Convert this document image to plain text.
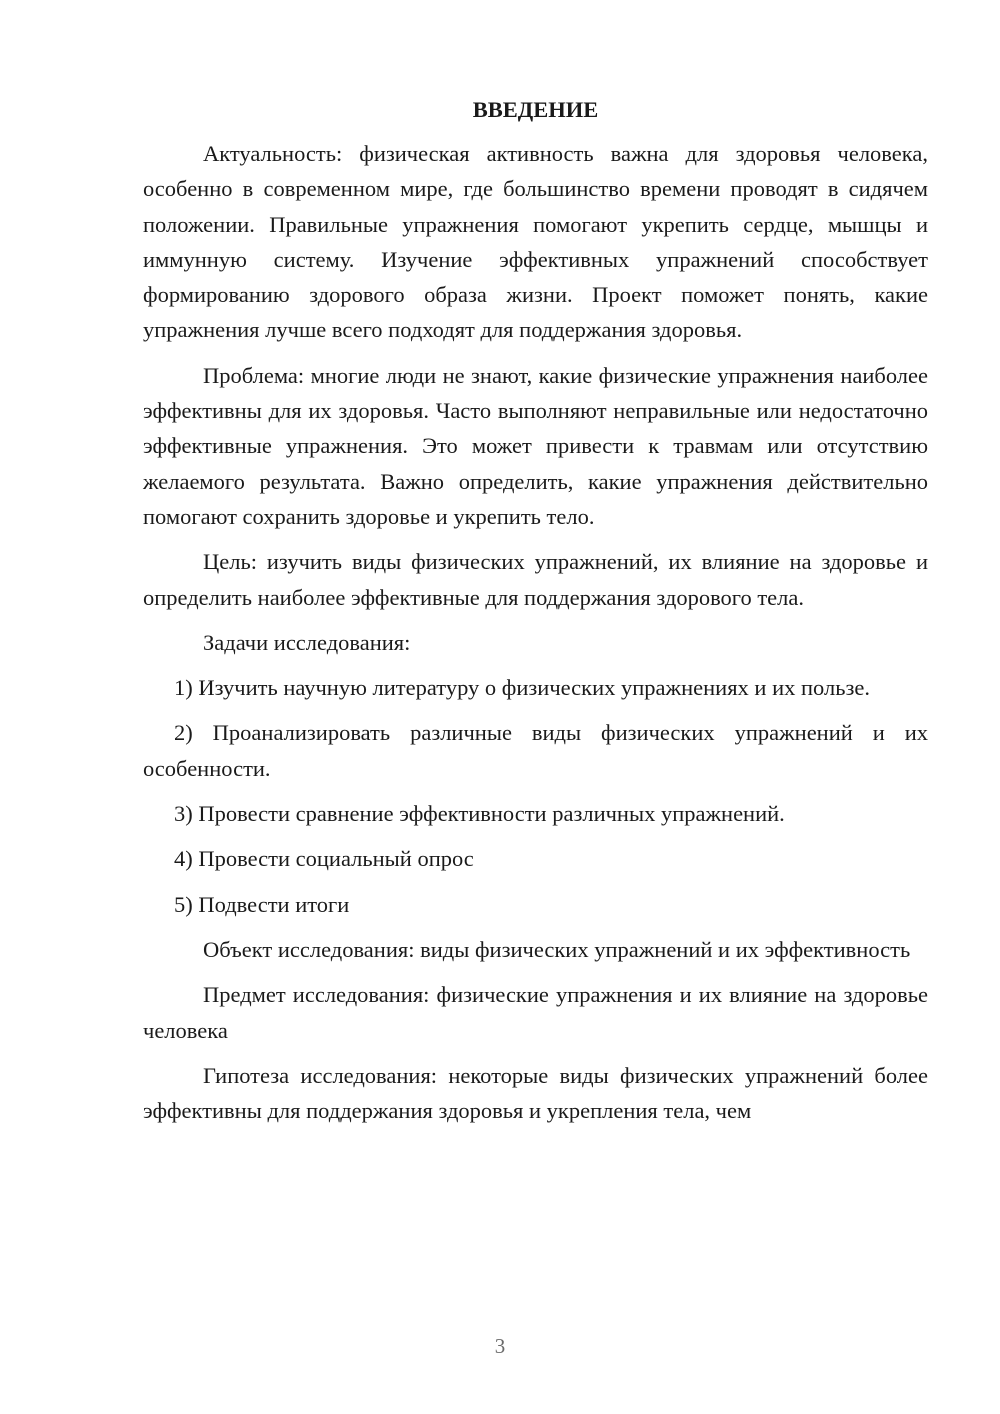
ВВЕДЕНИЕ

Актуальность: физическая активность важна для здоровья человека, особенно в современном мире, где большинство времени проводят в сидячем положении. Правильные упражнения помогают укрепить сердце, мышцы и иммунную систему. Изучение эффективных упражнений способствует формированию здорового образа жизни. Проект поможет понять, какие упражнения лучше всего подходят для поддержания здоровья.

Проблема: многие люди не знают, какие физические упражнения наиболее эффективны для их здоровья. Часто выполняют неправильные или недостаточно эффективные упражнения. Это может привести к травмам или отсутствию желаемого результата. Важно определить, какие упражнения действительно помогают сохранить здоровье и укрепить тело.

Цель: изучить виды физических упражнений, их влияние на здоровье и определить наиболее эффективные для поддержания здорового тела.

Задачи исследования:

1) Изучить научную литературу о физических упражнениях и их пользе.

2) Проанализировать различные виды физических упражнений и их особенности.

3) Провести сравнение эффективности различных упражнений.

4) Провести социальный опрос

5) Подвести итоги

Объект исследования: виды физических упражнений и их эффективность

Предмет исследования: физические упражнения и их влияние на здоровье человека

Гипотеза исследования: некоторые виды физических упражнений более эффективны для поддержания здоровья и укрепления тела, чем

3
